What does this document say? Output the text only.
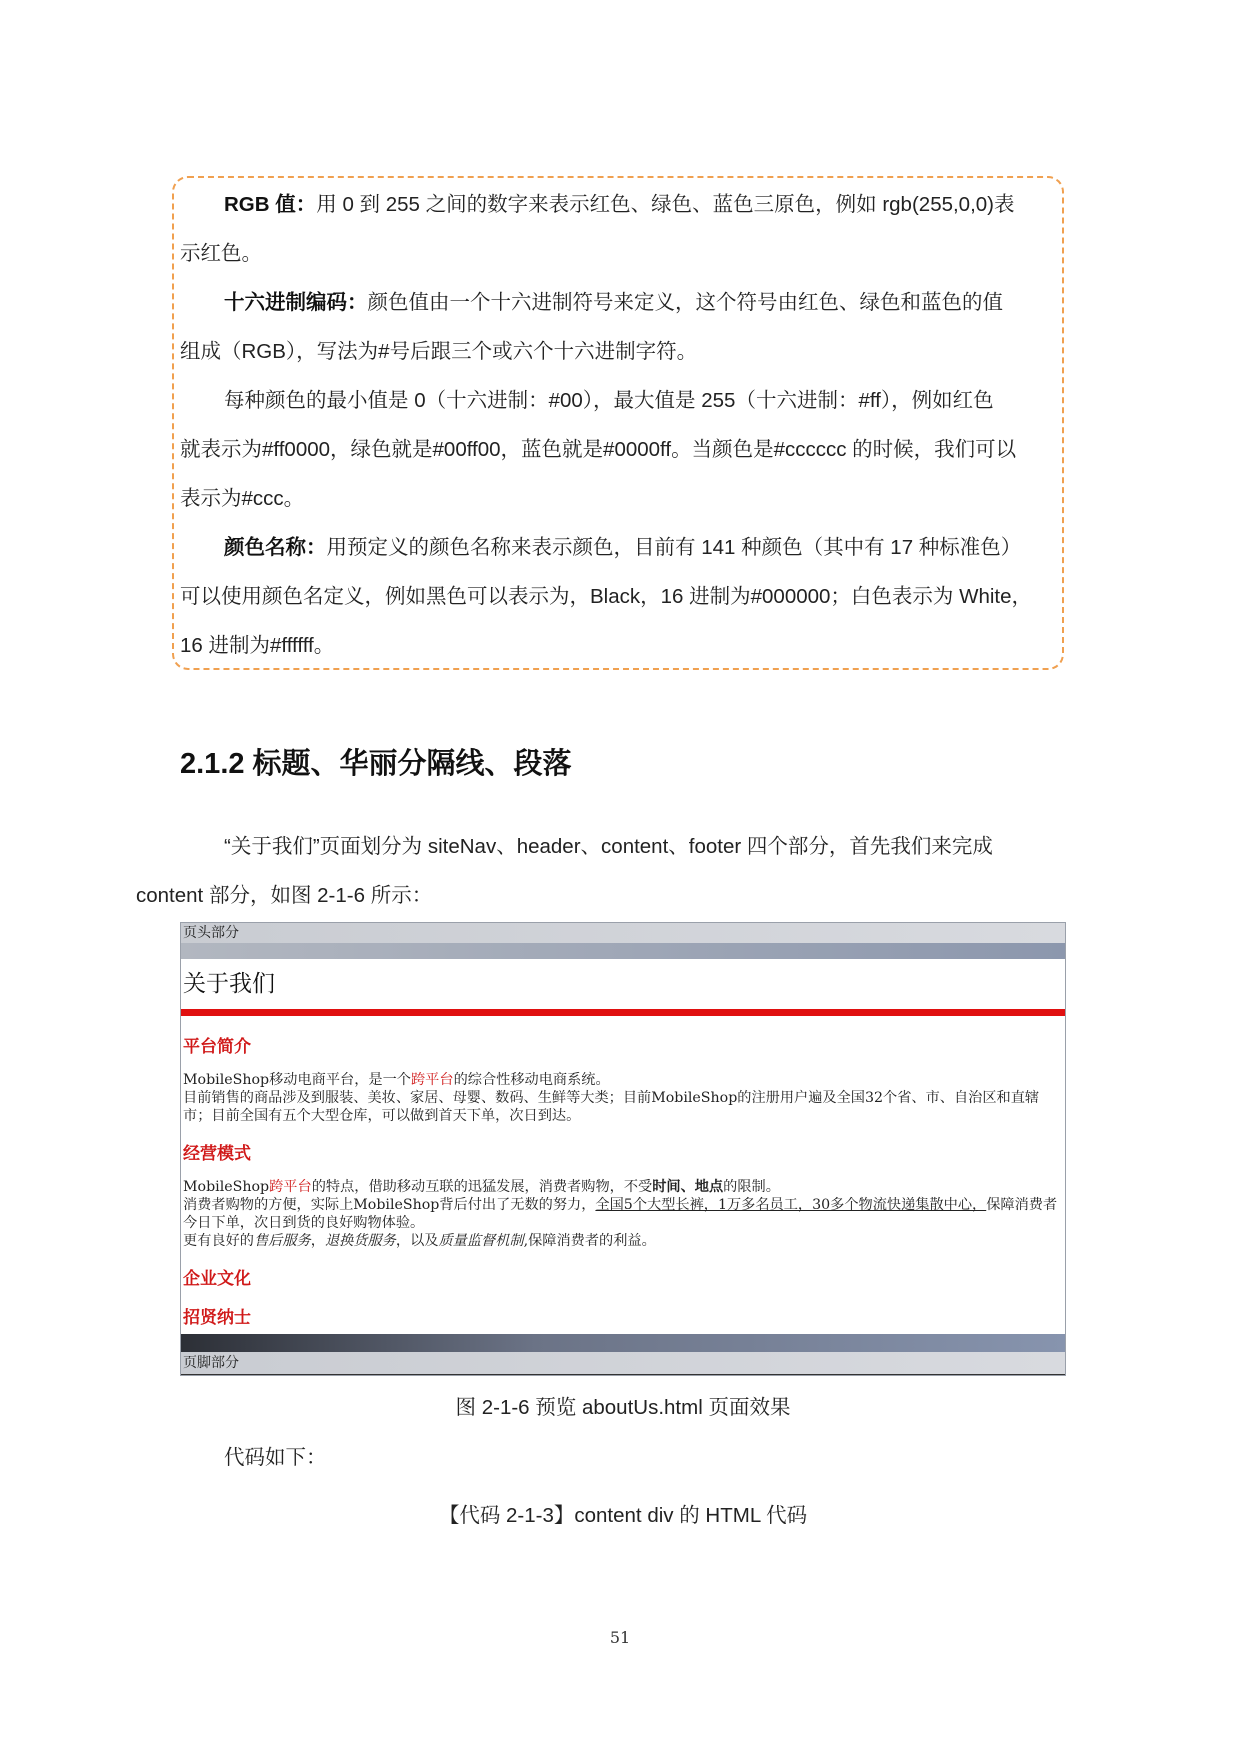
RGB 值：用 0 到 255 之间的数字来表示红色、绿色、蓝色三原色，例如 rgb(255,0,0)表

示红色。

十六进制编码：颜色值由一个十六进制符号来定义，这个符号由红色、绿色和蓝色的值

组成（RGB），写法为#号后跟三个或六个十六进制字符。

每种颜色的最小值是 0（十六进制：#00），最大值是 255（十六进制：#ff），例如红色

就表示为#ff0000，绿色就是#00ff00，蓝色就是#0000ff。当颜色是#cccccc 的时候，我们可以

表示为#ccc。

颜色名称：用预定义的颜色名称来表示颜色，目前有 141 种颜色（其中有 17 种标准色）

可以使用颜色名定义，例如黑色可以表示为，Black，16 进制为#000000；白色表示为 White，

16 进制为#ffffff。

2.1.2 标题、华丽分隔线、段落

“关于我们”页面划分为 siteNav、header、content、footer 四个部分，首先我们来完成
content 部分，如图 2-1-6 所示：

页头部分
关于我们
平台简介
MobileShop移动电商平台，是一个跨平台的综合性移动电商系统。
目前销售的商品涉及到服装、美妆、家居、母婴、数码、生鲜等大类；目前MobileShop的注册用户遍及全国32个省、市、自治区和直辖市；目前全国有五个大型仓库，可以做到首天下单，次日到达。
经营模式
MobileShop跨平台的特点，借助移动互联的迅猛发展，消费者购物，不受时间、地点的限制。
消费者购物的方便，实际上MobileShop背后付出了无数的努力，全国5个大型长裤，1万多名员工，30多个物流快递集散中心，保障消费者今日下单，次日到货的良好购物体验。
更有良好的售后服务，退换货服务，以及质量监督机制,保障消费者的利益。
企业文化
招贤纳士
页脚部分

图 2-1-6 预览 aboutUs.html 页面效果

代码如下：

【代码 2-1-3】content div 的 HTML 代码

51
